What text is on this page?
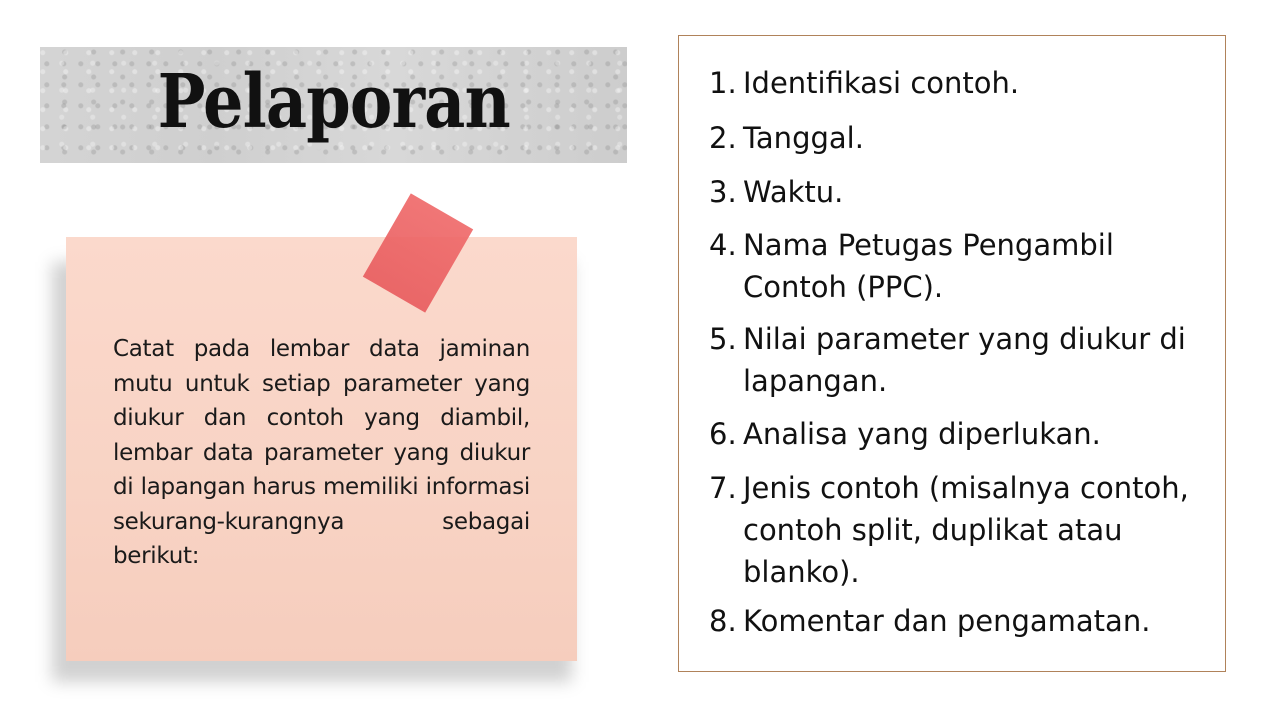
Pelaporan
Catat pada lembar data jaminan mutu untuk setiap parameter yang diukur dan contoh yang diambil, lembar data parameter yang diukur di lapangan harus memiliki informasi sekurang-kurangnya sebagai berikut:
1. Identifikasi contoh.
2. Tanggal.
3. Waktu.
4. Nama Petugas Pengambil Contoh (PPC).
5. Nilai parameter yang diukur di lapangan.
6. Analisa yang diperlukan.
7. Jenis contoh (misalnya contoh, contoh split, duplikat atau blanko).
8. Komentar dan pengamatan.
